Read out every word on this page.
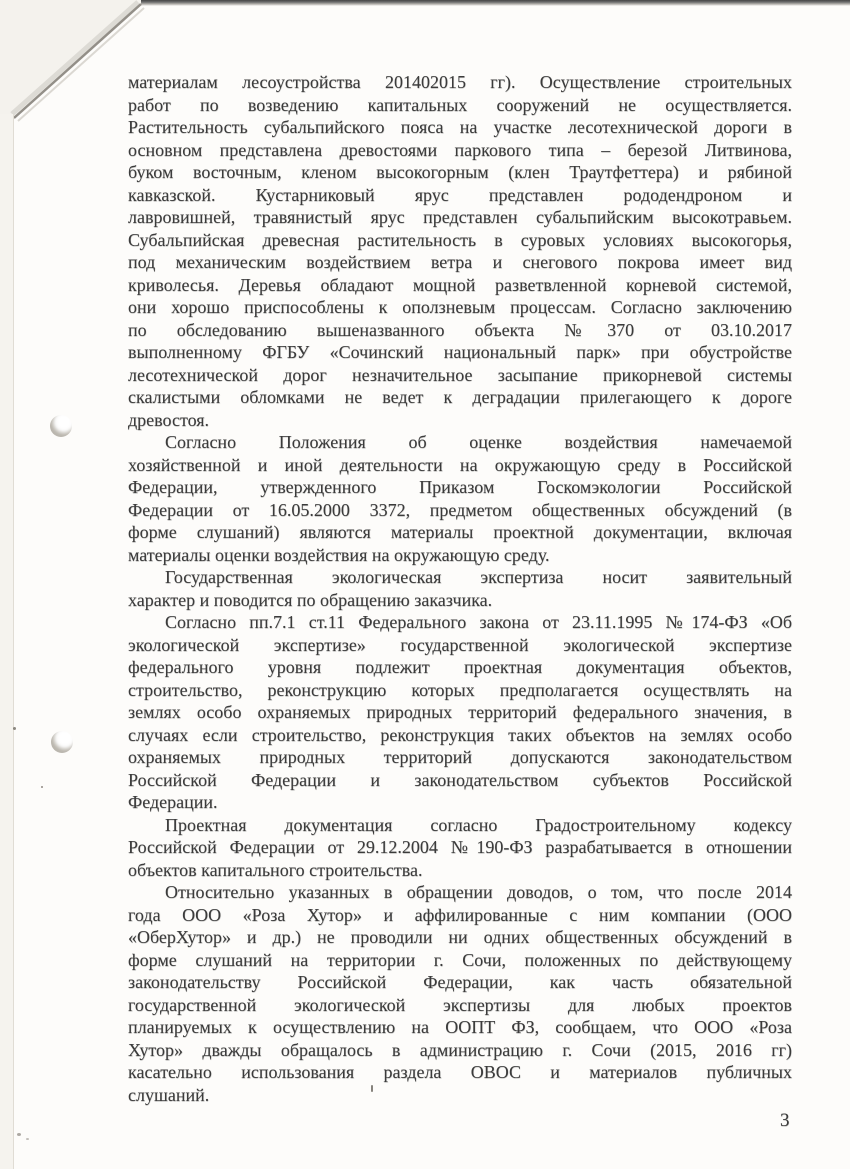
материалам лесоустройства 201402015 гг). Осуществление строительных
работ по возведению капитальных сооружений не осуществляется.
Растительность субальпийского пояса на участке лесотехнической дороги в
основном представлена древостоями паркового типа – березой Литвинова,
буком восточным, кленом высокогорным (клен Траутфеттера) и рябиной
кавказской. Кустарниковый ярус представлен рододендроном и
лавровишней, травянистый ярус представлен субальпийским высокотравьем.
Субальпийская древесная растительность в суровых условиях высокогорья,
под механическим воздействием ветра и снегового покрова имеет вид
криволесья. Деревья обладают мощной разветвленной корневой системой,
они хорошо приспособлены к оползневым процессам. Согласно заключению
по обследованию вышеназванного объекта №370 от 03.10.2017
выполненному ФГБУ «Сочинский национальный парк» при обустройстве
лесотехнической дорог незначительное засыпание прикорневой системы
скалистыми обломками не ведет к деградации прилегающего к дороге
древостоя.
Согласно Положения об оценке воздействия намечаемой
хозяйственной и иной деятельности на окружающую среду в Российской
Федерации, утвержденного Приказом Госкомэкологии Российской
Федерации от 16.05.2000 3372, предметом общественных обсуждений (в
форме слушаний) являются материалы проектной документации, включая
материалы оценки воздействия на окружающую среду.
Государственная экологическая экспертиза носит заявительный
характер и поводится по обращению заказчика.
Согласно пп.7.1 ст.11 Федерального закона от 23.11.1995 №174-ФЗ «Об
экологической экспертизе» государственной экологической экспертизе
федерального уровня подлежит проектная документация объектов,
строительство, реконструкцию которых предполагается осуществлять на
землях особо охраняемых природных территорий федерального значения, в
случаях если строительство, реконструкция таких объектов на землях особо
охраняемых природных территорий допускаются законодательством
Российской Федерации и законодательством субъектов Российской
Федерации.
Проектная документация согласно Градостроительному кодексу
Российской Федерации от 29.12.2004 №190-ФЗ разрабатывается в отношении
объектов капитального строительства.
Относительно указанных в обращении доводов, о том, что после 2014
года ООО «Роза Хутор» и аффилированные с ним компании (ООО
«ОберХутор» и др.) не проводили ни одних общественных обсуждений в
форме слушаний на территории г. Сочи, положенных по действующему
законодательству Российской Федерации, как часть обязательной
государственной экологической экспертизы для любых проектов
планируемых к осуществлению на ООПТ ФЗ, сообщаем, что ООО «Роза
Хутор» дважды обращалось в администрацию г. Сочи (2015, 2016 гг)
касательно использования раздела ОВОС и материалов публичных
слушаний.
3
